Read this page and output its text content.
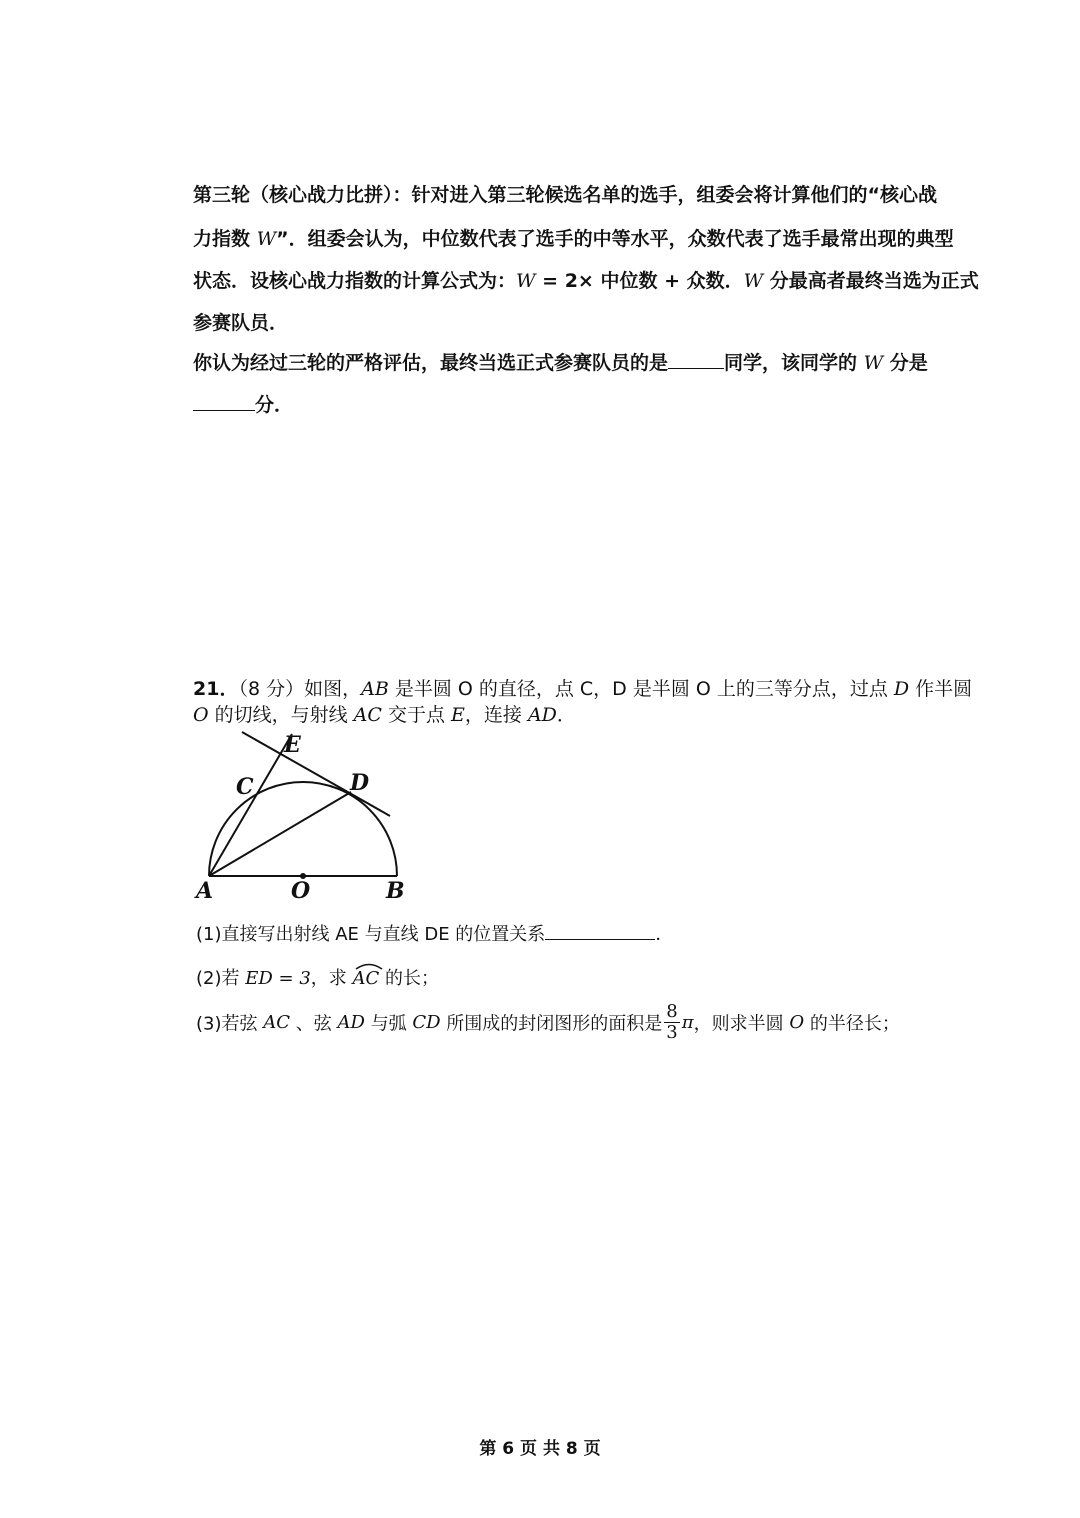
第三轮（核心战力比拼）：针对进入第三轮候选名单的选手，组委会将计算他们的“核心战
力指数 W”．组委会认为，中位数代表了选手的中等水平，众数代表了选手最常出现的典型
状态．设核心战力指数的计算公式为：W = 2× 中位数 + 众数．W 分最高者最终当选为正式
参赛队员．
你认为经过三轮的严格评估，最终当选正式参赛队员的是	同学，该同学的 W 分是
分．
21．（8 分）如图，AB 是半圆 O 的直径，点 C，D 是半圆 O 上的三等分点，过点 D 作半圆
O 的切线，与射线 AC 交于点 E，连接 AD．
A	O	B
C	D
E
(1)直接写出射线 AE 与直线 DE 的位置关系	．
(2)若 ED = 3，求
AC 的长；
(3)若弦 AC 、弦 AD 与弧 CD 所围成的封闭图形的面积是 $\frac{8}{3}$ π，则求半圆 O 的半径长；
第 6 页 共 8 页
